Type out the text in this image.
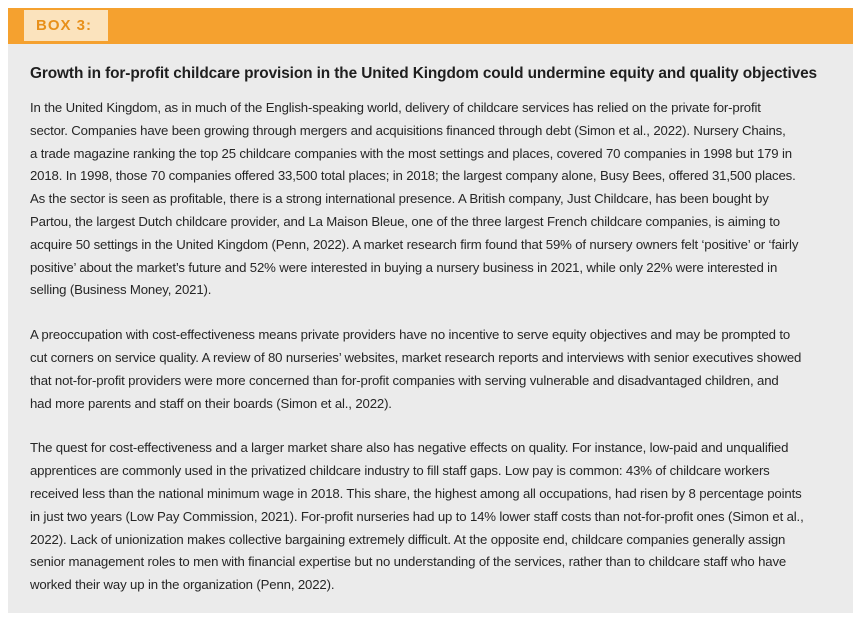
BOX 3:
Growth in for-profit childcare provision in the United Kingdom could undermine equity and quality objectives

In the United Kingdom, as in much of the English-speaking world, delivery of childcare services has relied on the private for-profit
sector. Companies have been growing through mergers and acquisitions financed through debt (Simon et al., 2022). Nursery Chains,
a trade magazine ranking the top 25 childcare companies with the most settings and places, covered 70 companies in 1998 but 179 in
2018. In 1998, those 70 companies offered 33,500 total places; in 2018; the largest company alone, Busy Bees, offered 31,500 places.
As the sector is seen as profitable, there is a strong international presence. A British company, Just Childcare, has been bought by
Partou, the largest Dutch childcare provider, and La Maison Bleue, one of the three largest French childcare companies, is aiming to
acquire 50 settings in the United Kingdom (Penn, 2022). A market research firm found that 59% of nursery owners felt ‘positive’ or ‘fairly
positive’ about the market’s future and 52% were interested in buying a nursery business in 2021, while only 22% were interested in
selling (Business Money, 2021).

A preoccupation with cost-effectiveness means private providers have no incentive to serve equity objectives and may be prompted to
cut corners on service quality. A review of 80 nurseries’ websites, market research reports and interviews with senior executives showed
that not-for-profit providers were more concerned than for-profit companies with serving vulnerable and disadvantaged children, and
had more parents and staff on their boards (Simon et al., 2022).

The quest for cost-effectiveness and a larger market share also has negative effects on quality. For instance, low-paid and unqualified
apprentices are commonly used in the privatized childcare industry to fill staff gaps. Low pay is common: 43% of childcare workers
received less than the national minimum wage in 2018. This share, the highest among all occupations, had risen by 8 percentage points
in just two years (Low Pay Commission, 2021). For-profit nurseries had up to 14% lower staff costs than not-for-profit ones (Simon et al.,
2022). Lack of unionization makes collective bargaining extremely difficult. At the opposite end, childcare companies generally assign
senior management roles to men with financial expertise but no understanding of the services, rather than to childcare staff who have
worked their way up in the organization (Penn, 2022).
